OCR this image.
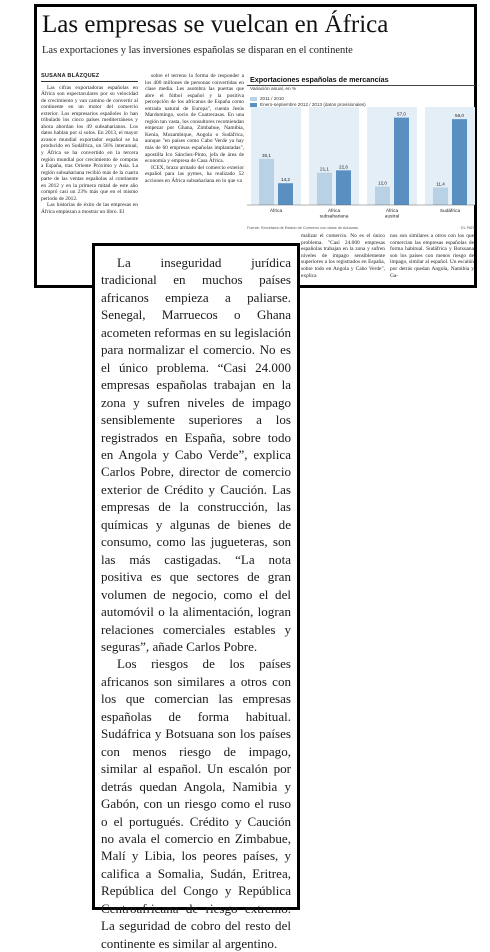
Las empresas se vuelcan en África
Las exportaciones y las inversiones españolas se disparan en el continente
SUSANA BLÁZQUEZ

Las cifras exportadoras españolas en África son espectaculares por su velocidad de crecimiento y van camino de convertir al continente en un motor del comercio exterior. Los empresarios españoles lo han tribulado los cinco países mediterráneos y ahora abordan los 49 subsaharianos. Los datos hablan por sí solos. En 2013, el mayor avance mundial exportador español se ha producido en Sudáfrica, un 56% interanual, y África se ha convertido en la tercera región mundial por crecimiento de compras a España, tras Oriente Próximo y Asia. La región subsahariana recibió más de la cuarta parte de las ventas españolas al continente en 2012 y en la primera mitad de este año compró casi un 23% más que en el mismo periodo de 2012.

Las historias de éxito de las empresas en África empiezan a mostrar un libro. El

sobre el terreno la forma de responder a los 400 millones de personas convertidas en clase media. Les asombra las puertas que abre el fútbol español y la positiva percepción de los africanos de España como entrada natural de Europa", cuenta Jesús Mardomingo, socio de Cuatrecasas. En una región tan vasta, los consultores recomiendan empezar por Ghana, Zimbabue, Namibia, Kenia, Mozambique, Angola o Sudáfrica, aunque "en países como Cabo Verde ya hay más de 60 empresas españolas implantadas", apostilla Ico Sánchez-Pinto, jefa de área de economía y empresa de Casa África.

ICEX, brazo armado del comercio exterior español para las pymes, ha realizado 52 acciones en África subsahariana en lo que va

30,1
14,2
África
21,1 22,6
África
subsahariana
12,0
57,0
África
austral
11,4
56,0
Sudáfrica
Exportaciones españolas de mercancías
Variación anual, en %
2011 / 2010
Enero-septiembre 2012 / 2013 (datos provisionales)
Fuente: Secretaría de Estado de Comercio con datos de Aduanas.	EL PAÍS
malizar el comercio. No es el único problema. "Casi 24.000 empresas españolas trabajan en la zona y sufren niveles de impago sensiblemente superiores a los registrados en España, sobre todo en Angola y Cabo Verde", explica
nos son similares a otros con los que comercian las empresas españolas de forma habitual. Sudáfrica y Botsuana son los países con menos riesgo de impago, similar al español. Un escalón por detrás quedan Angola, Namibia y Ga-

La inseguridad jurídica tradicional en muchos países africanos empieza a paliarse. Senegal, Marruecos o Ghana acometen reformas en su legislación para normalizar el comercio. No es el único problema. “Casi 24.000 empresas españolas trabajan en la zona y sufren niveles de impago sensiblemente superiores a los registrados en España, sobre todo en Angola y Cabo Verde”, explica Carlos Pobre, director de comercio exterior de Crédito y Caución. Las empresas de la construcción, las químicas y algunas de bienes de consumo, como las jugueteras, son las más castigadas. “La nota positiva es que sectores de gran volumen de negocio, como el del automóvil o la alimentación, logran relaciones comerciales estables y seguras”, añade Carlos Pobre.

Los riesgos de los países africanos son similares a otros con los que comercian las empresas españolas de forma habitual. Sudáfrica y Botsuana son los países con menos riesgo de impago, similar al español. Un escalón por detrás quedan Angola, Namibia y Gabón, con un riesgo como el ruso o el portugués. Crédito y Caución no avala el comercio en Zimbabue, Malí y Libia, los peores países, y califica a Somalia, Sudán, Eritrea, República del Congo y República Centroafricana de riesgo extremo. La seguridad de cobro del resto del continente es similar al argentino.
